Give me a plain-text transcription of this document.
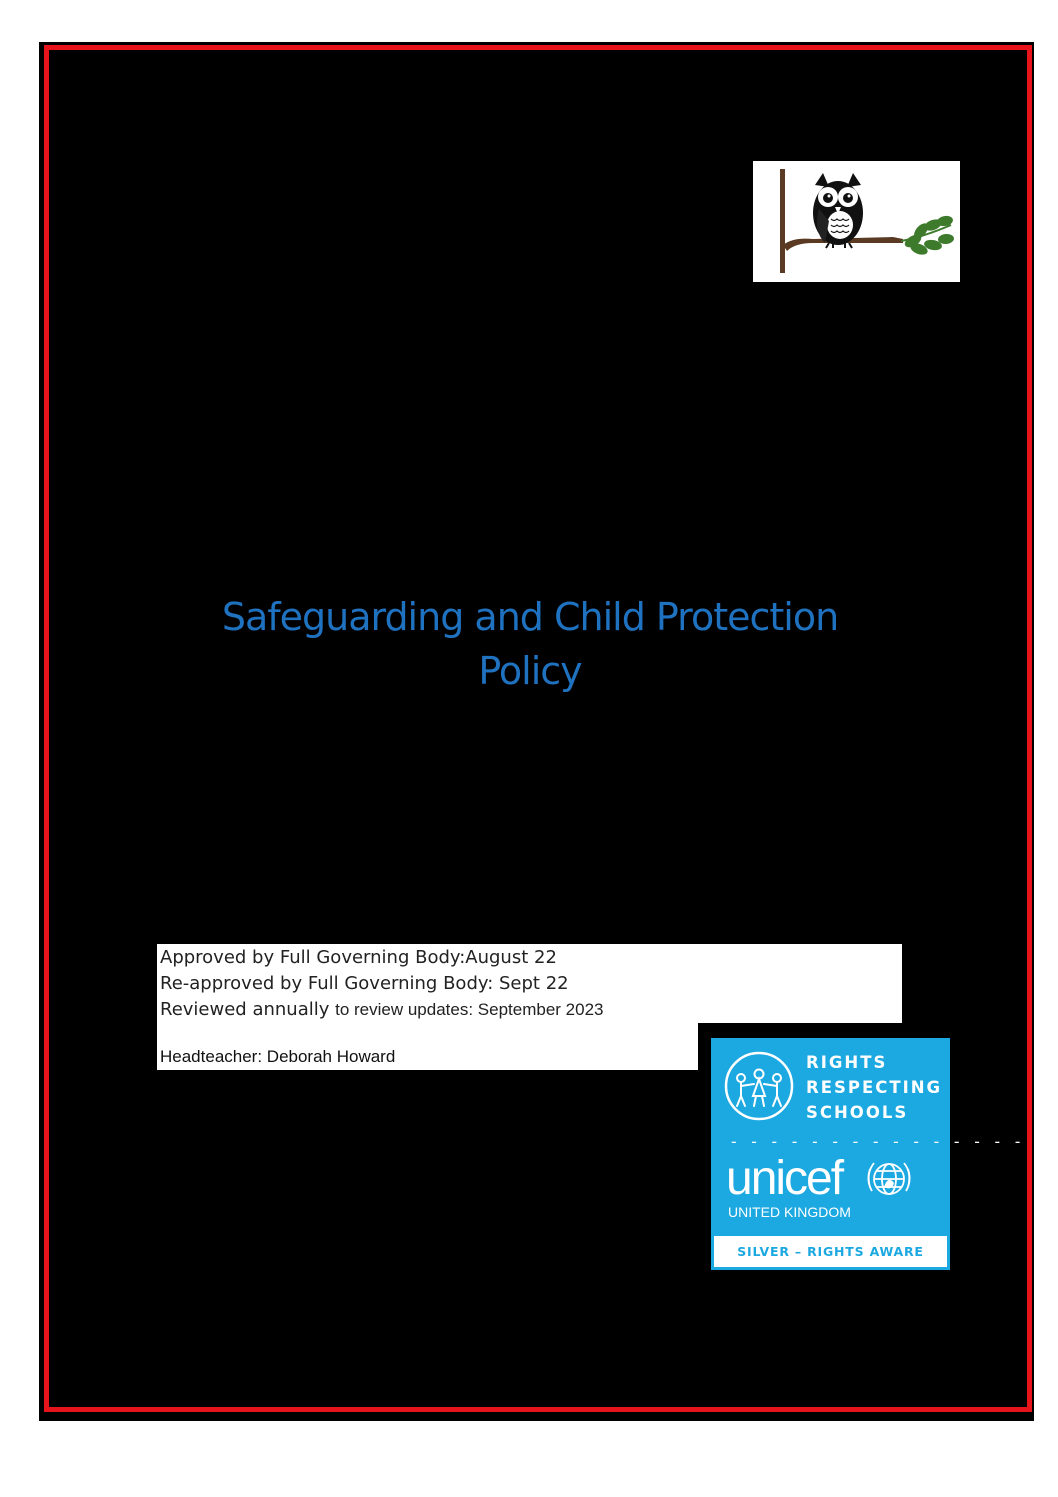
Safeguarding and Child Protection
Policy
Approved by Full Governing Body:August 22
Re-approved by Full Governing Body: Sept 22
Reviewed annually to review updates: September 2023
Headteacher: Deborah Howard	RIGHTS
RESPECTING
SCHOOLS
- - - - - - - - - - - - - - -
unicef
UNITED KINGDOM
SILVER – RIGHTS AWARE
